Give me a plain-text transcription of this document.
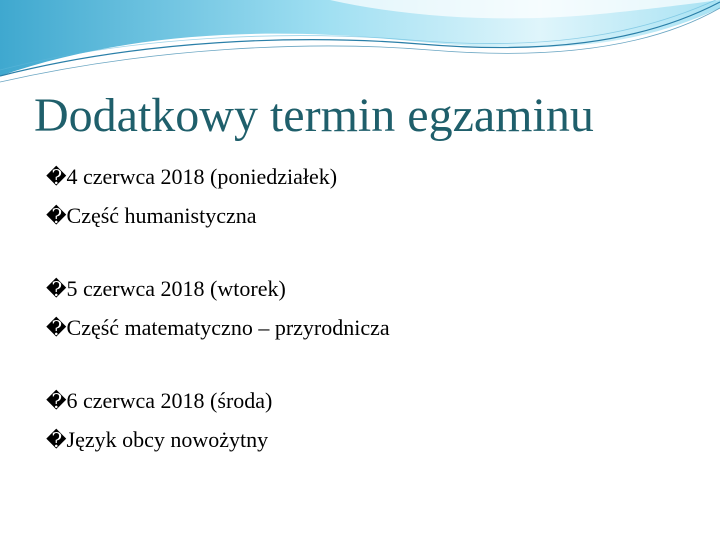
Dodatkowy termin egzaminu
�4 czerwca 2018 (poniedziałek)
�Część humanistyczna
�5 czerwca 2018 (wtorek)
�Część matematyczno – przyrodnicza
�6 czerwca 2018 (środa)
�Język obcy nowożytny
